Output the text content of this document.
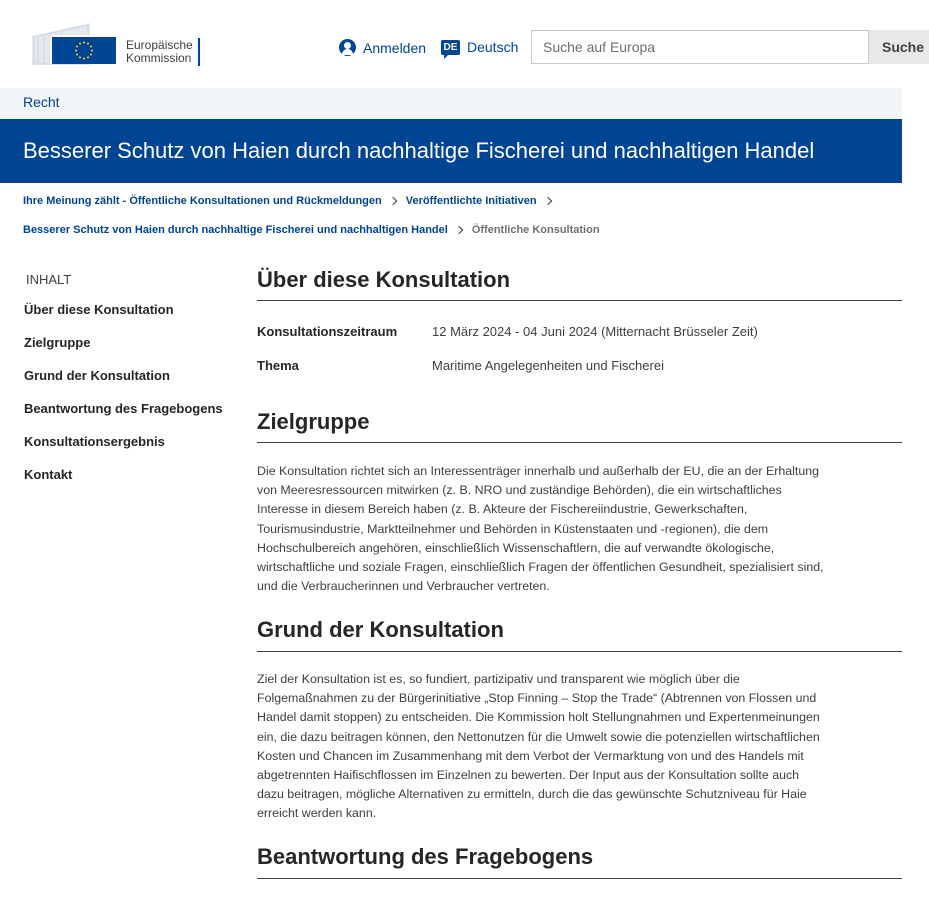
Europäische
Kommission
Anmelden DE Deutsch
Suche auf Europa	Suche
Recht
Besserer Schutz von Haien durch nachhaltige Fischerei und nachhaltigen Handel
Ihre Meinung zählt - Öffentliche Konsultationen und Rückmeldungen Veröffentlichte Initiativen
Besserer Schutz von Haien durch nachhaltige Fischerei und nachhaltigen Handel Öffentliche Konsultation
INHALT
Über diese Konsultation
Zielgruppe
Grund der Konsultation
Beantwortung des Fragebogens
Konsultationsergebnis
Kontakt
Über diese Konsultation
Konsultationszeitraum	12 März 2024 - 04 Juni 2024 (Mitternacht Brüsseler Zeit)
Thema	Maritime Angelegenheiten und Fischerei
Zielgruppe

Die Konsultation richtet sich an Interessenträger innerhalb und außerhalb der EU, die an der Erhaltung von Meeresressourcen mitwirken (z. B. NRO und zuständige Behörden), die ein wirtschaftliches Interesse in diesem Bereich haben (z. B. Akteure der Fischereiindustrie, Gewerkschaften, Tourismusindustrie, Marktteilnehmer und Behörden in Küstenstaaten und -regionen), die dem Hochschulbereich angehören, einschließlich Wissenschaftlern, die auf verwandte ökologische, wirtschaftliche und soziale Fragen, einschließlich Fragen der öffentlichen Gesundheit, spezialisiert sind, und die Verbraucherinnen und Verbraucher vertreten.

Grund der Konsultation

Ziel der Konsultation ist es, so fundiert, partizipativ und transparent wie möglich über die Folgemaßnahmen zu der Bürgerinitiative „Stop Finning – Stop the Trade“ (Abtrennen von Flossen und Handel damit stoppen) zu entscheiden. Die Kommission holt Stellungnahmen und Expertenmeinungen ein, die dazu beitragen können, den Nettonutzen für die Umwelt sowie die potenziellen wirtschaftlichen Kosten und Chancen im Zusammenhang mit dem Verbot der Vermarktung von und des Handels mit abgetrennten Haifischflossen im Einzelnen zu bewerten. Der Input aus der Konsultation sollte auch dazu beitragen, mögliche Alternativen zu ermitteln, durch die das gewünschte Schutzniveau für Haie erreicht werden kann.

Beantwortung des Fragebogens
